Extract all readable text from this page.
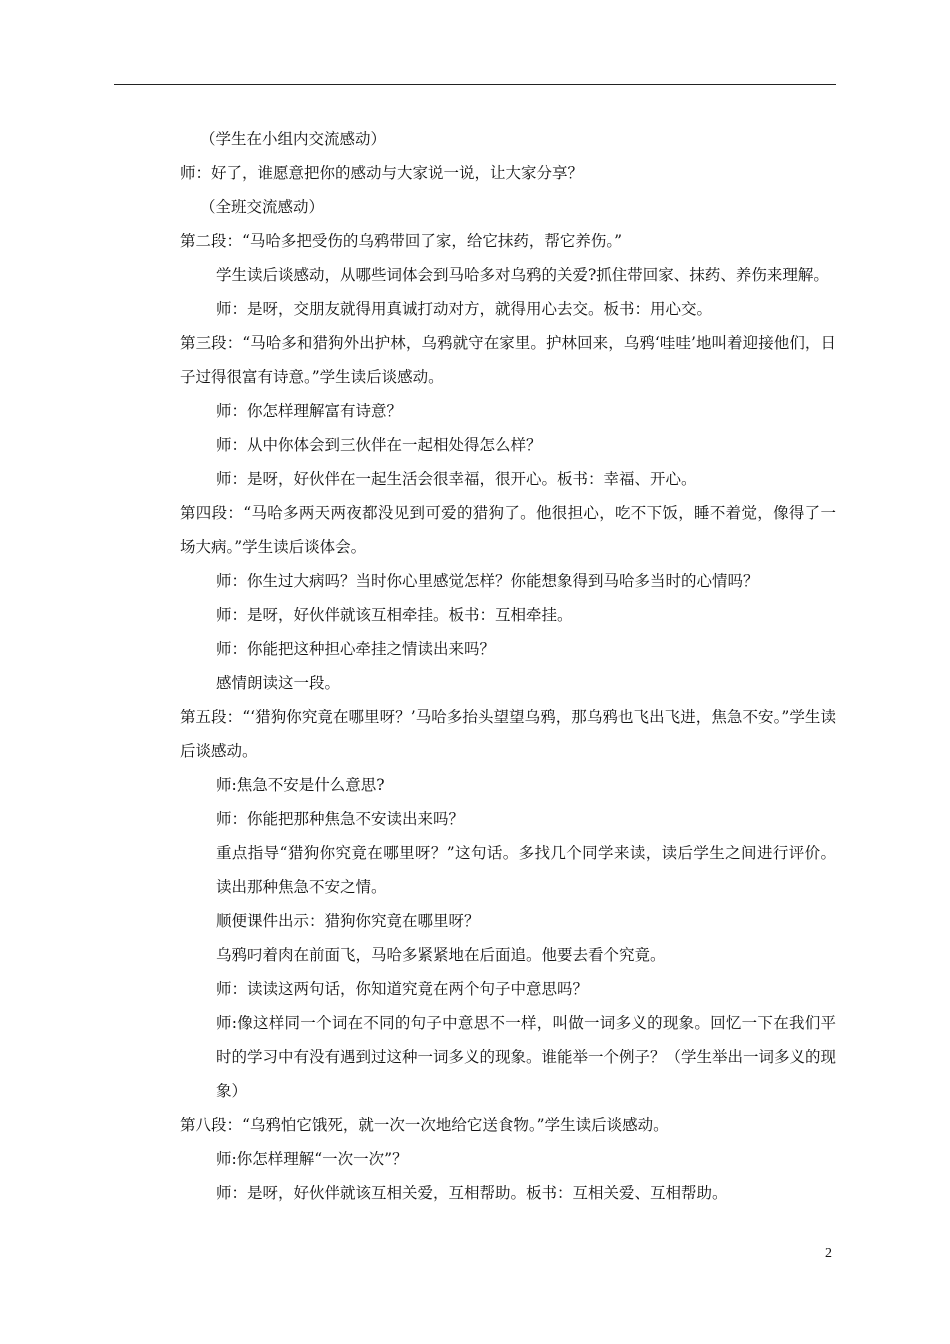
（学生在小组内交流感动）
师：好了，谁愿意把你的感动与大家说一说，让大家分享？
（全班交流感动）
第二段：“马哈多把受伤的乌鸦带回了家，给它抹药，帮它养伤。”
学生读后谈感动，从哪些词体会到马哈多对乌鸦的关爱?抓住带回家、抹药、养伤来理解。
师：是呀，交朋友就得用真诚打动对方，就得用心去交。板书：用心交。
第三段：“马哈多和猎狗外出护林，乌鸦就守在家里。护林回来，乌鸦‘哇哇’地叫着迎接他们，日子过得很富有诗意。”学生读后谈感动。
师：你怎样理解富有诗意？
师：从中你体会到三伙伴在一起相处得怎么样？
师：是呀，好伙伴在一起生活会很幸福，很开心。板书：幸福、开心。
第四段：“马哈多两天两夜都没见到可爱的猎狗了。他很担心，吃不下饭，睡不着觉，像得了一场大病。”学生读后谈体会。
师：你生过大病吗？当时你心里感觉怎样？你能想象得到马哈多当时的心情吗？
师：是呀，好伙伴就该互相牵挂。板书：互相牵挂。
师：你能把这种担心牵挂之情读出来吗？
感情朗读这一段。
第五段：“‘猎狗你究竟在哪里呀？’马哈多抬头望望乌鸦，那乌鸦也飞出飞进，焦急不安。”学生读后谈感动。
师:焦急不安是什么意思?
师：你能把那种焦急不安读出来吗？
重点指导“猎狗你究竟在哪里呀？”这句话。多找几个同学来读，读后学生之间进行评价。读出那种焦急不安之情。
顺便课件出示：猎狗你究竟在哪里呀？
乌鸦叼着肉在前面飞，马哈多紧紧地在后面追。他要去看个究竟。
师：读读这两句话，你知道究竟在两个句子中意思吗？
师:像这样同一个词在不同的句子中意思不一样，叫做一词多义的现象。回忆一下在我们平时的学习中有没有遇到过这种一词多义的现象。谁能举一个例子？（学生举出一词多义的现象）
第八段：“乌鸦怕它饿死，就一次一次地给它送食物。”学生读后谈感动。
师:你怎样理解“一次一次”？
师：是呀，好伙伴就该互相关爱，互相帮助。板书：互相关爱、互相帮助。
2
